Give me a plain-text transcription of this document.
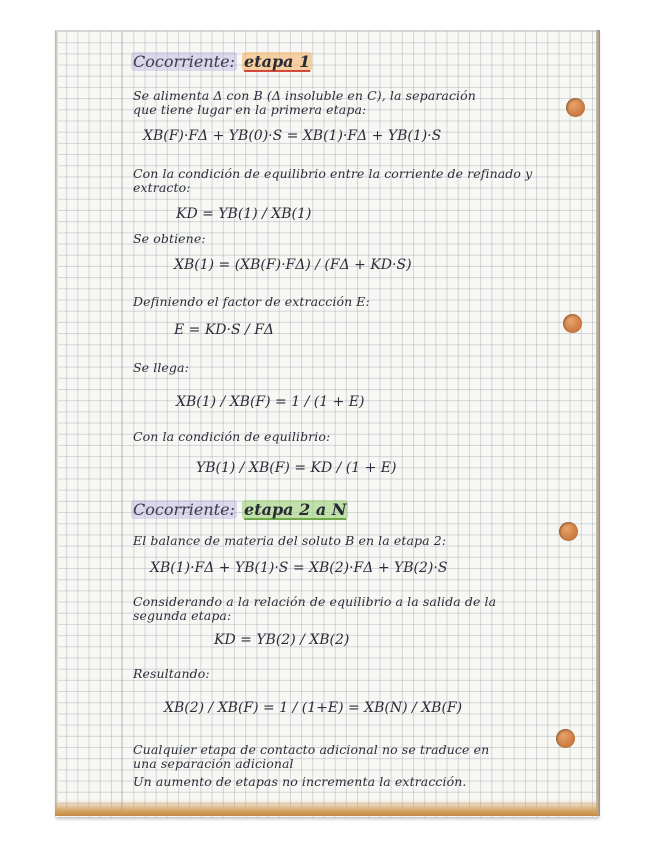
Cocorriente: etapa 1
Se alimenta Δ con B (Δ insoluble en C), la separación
que tiene lugar en la primera etapa:
XB(F)·FΔ + YB(0)·S = XB(1)·FΔ + YB(1)·S
Con la condición de equilibrio entre la corriente de refinado y
extracto:
KD = YB(1) / XB(1)
Se obtiene:
XB(1) = (XB(F)·FΔ) / (FΔ + KD·S)
Definiendo el factor de extracción E:
E = KD·S / FΔ
Se llega:
XB(1) / XB(F) = 1 / (1 + E)
Con la condición de equilibrio:
YB(1) / XB(F) = KD / (1 + E)
Cocorriente: etapa 2 a N
El balance de materia del soluto B en la etapa 2:
XB(1)·FΔ + YB(1)·S = XB(2)·FΔ + YB(2)·S
Considerando a la relación de equilibrio a la salida de la
segunda etapa:
KD = YB(2) / XB(2)
Resultando:
XB(2) / XB(F) = 1 / (1+E) = XB(N) / XB(F)
Cualquier etapa de contacto adicional no se traduce en
una separación adicional
Un aumento de etapas no incrementa la extracción.
